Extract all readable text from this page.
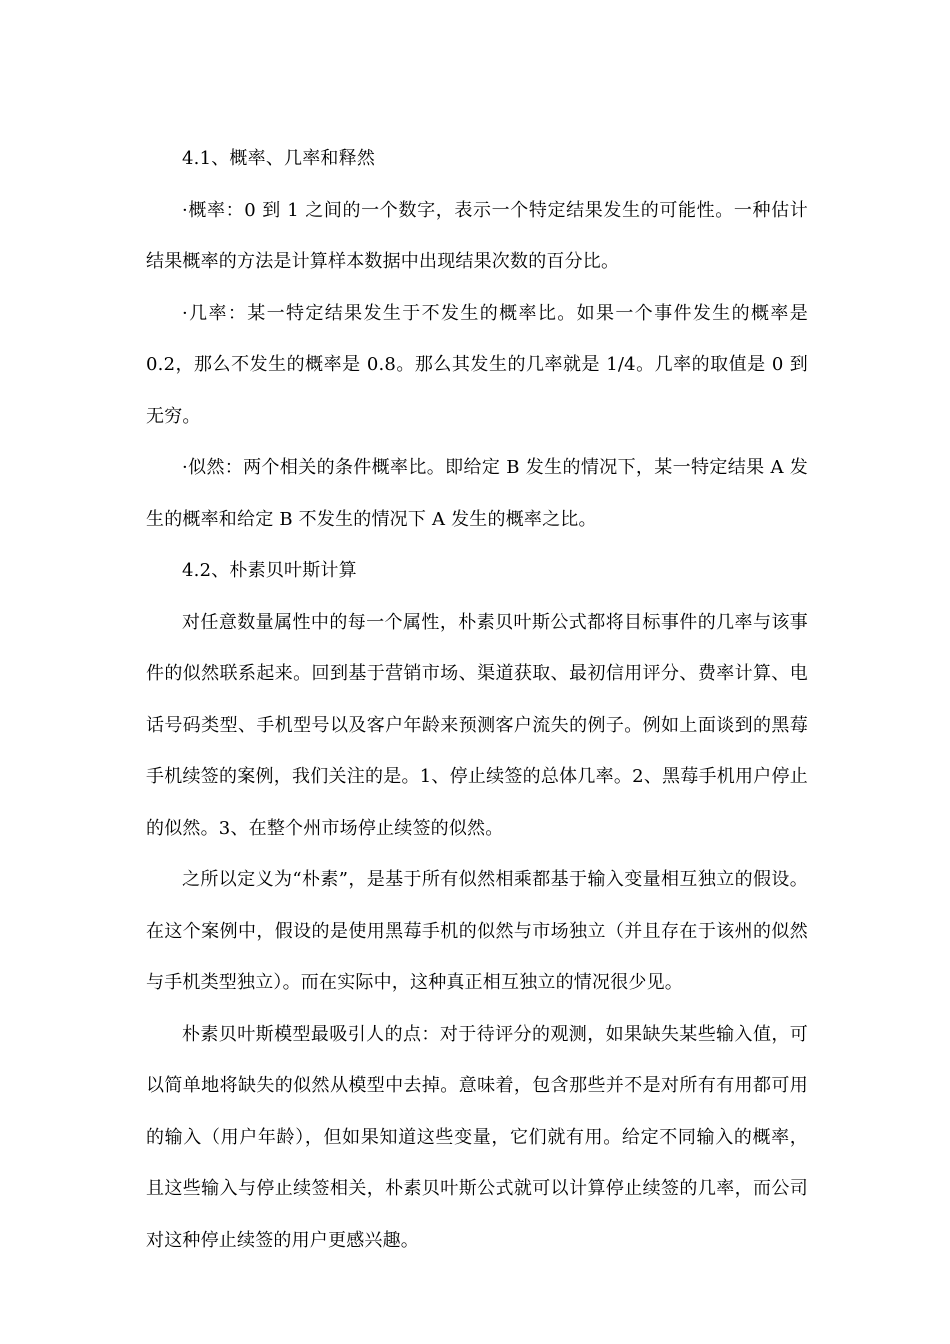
4.1、概率、几率和释然

·概率：0 到 1 之间的一个数字，表示一个特定结果发生的可能性。一种估计结果概率的方法是计算样本数据中出现结果次数的百分比。

·几率：某一特定结果发生于不发生的概率比。如果一个事件发生的概率是 0.2，那么不发生的概率是 0.8。那么其发生的几率就是 1/4。几率的取值是 0 到无穷。

·似然：两个相关的条件概率比。即给定 B 发生的情况下，某一特定结果 A 发生的概率和给定 B 不发生的情况下 A 发生的概率之比。

4.2、朴素贝叶斯计算

对任意数量属性中的每一个属性，朴素贝叶斯公式都将目标事件的几率与该事件的似然联系起来。回到基于营销市场、渠道获取、最初信用评分、费率计算、电话号码类型、手机型号以及客户年龄来预测客户流失的例子。例如上面谈到的黑莓手机续签的案例，我们关注的是。1、停止续签的总体几率。2、黑莓手机用户停止的似然。3、在整个州市场停止续签的似然。

之所以定义为“朴素”，是基于所有似然相乘都基于输入变量相互独立的假设。在这个案例中，假设的是使用黑莓手机的似然与市场独立（并且存在于该州的似然与手机类型独立）。而在实际中，这种真正相互独立的情况很少见。

朴素贝叶斯模型最吸引人的点：对于待评分的观测，如果缺失某些输入值，可以简单地将缺失的似然从模型中去掉。意味着，包含那些并不是对所有有用都可用的输入（用户年龄），但如果知道这些变量，它们就有用。给定不同输入的概率，且这些输入与停止续签相关，朴素贝叶斯公式就可以计算停止续签的几率，而公司对这种停止续签的用户更感兴趣。
